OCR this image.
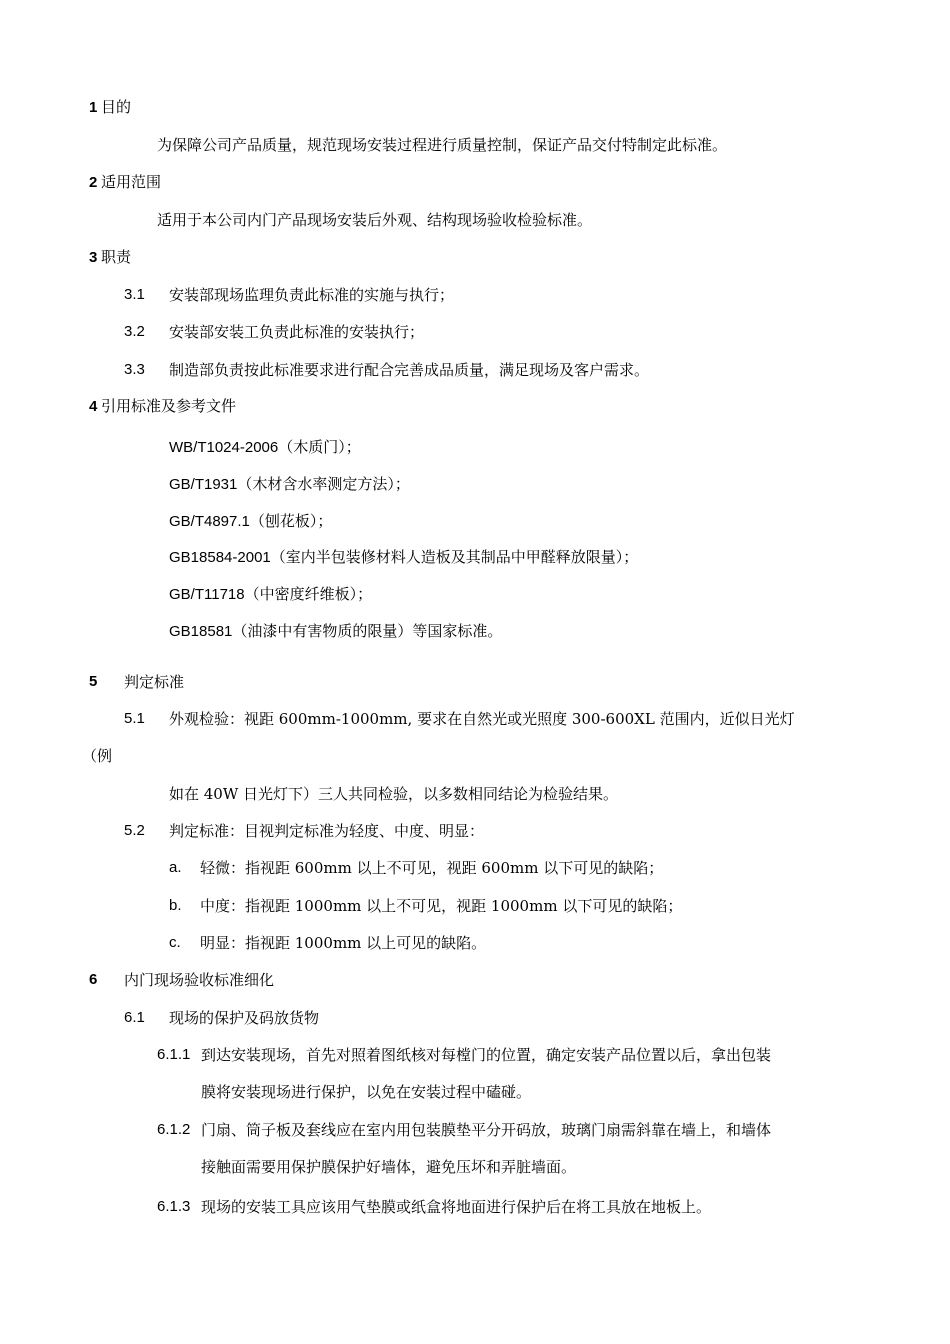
1 目的
为保障公司产品质量，规范现场安装过程进行质量控制，保证产品交付特制定此标准。
2 适用范围
适用于本公司内门产品现场安装后外观、结构现场验收检验标准。
3 职责
3.1 安装部现场监理负责此标准的实施与执行；
3.2 安装部安装工负责此标准的安装执行；
3.3 制造部负责按此标准要求进行配合完善成品质量，满足现场及客户需求。
4 引用标准及参考文件
WB/T1024-2006（木质门）；
GB/T1931（木材含水率测定方法）；
GB/T4897.1（刨花板）；
GB18584-2001（室内半包装修材料人造板及其制品中甲醛释放限量）；
GB/T11718（中密度纤维板）；
GB18581（油漆中有害物质的限量）等国家标准。
5 判定标准
5.1 外观检验：视距 600mm-1000mm, 要求在自然光或光照度 300-600XL 范围内，近似日光灯
（例
如在 40W 日光灯下）三人共同检验，以多数相同结论为检验结果。
5.2 判定标准：目视判定标准为轻度、中度、明显：
a. 轻微：指视距 600mm 以上不可见，视距 600mm 以下可见的缺陷；
b. 中度：指视距 1000mm 以上不可见，视距 1000mm 以下可见的缺陷；
c. 明显：指视距 1000mm 以上可见的缺陷。
6 内门现场验收标准细化
6.1 现场的保护及码放货物
6.1.1 到达安装现场，首先对照着图纸核对每樘门的位置，确定安装产品位置以后，拿出包装
膜将安装现场进行保护，以免在安装过程中磕碰。
6.1.2 门扇、筒子板及套线应在室内用包装膜垫平分开码放，玻璃门扇需斜靠在墙上，和墙体
接触面需要用保护膜保护好墙体，避免压坏和弄脏墙面。
6.1.3 现场的安装工具应该用气垫膜或纸盒将地面进行保护后在将工具放在地板上。
